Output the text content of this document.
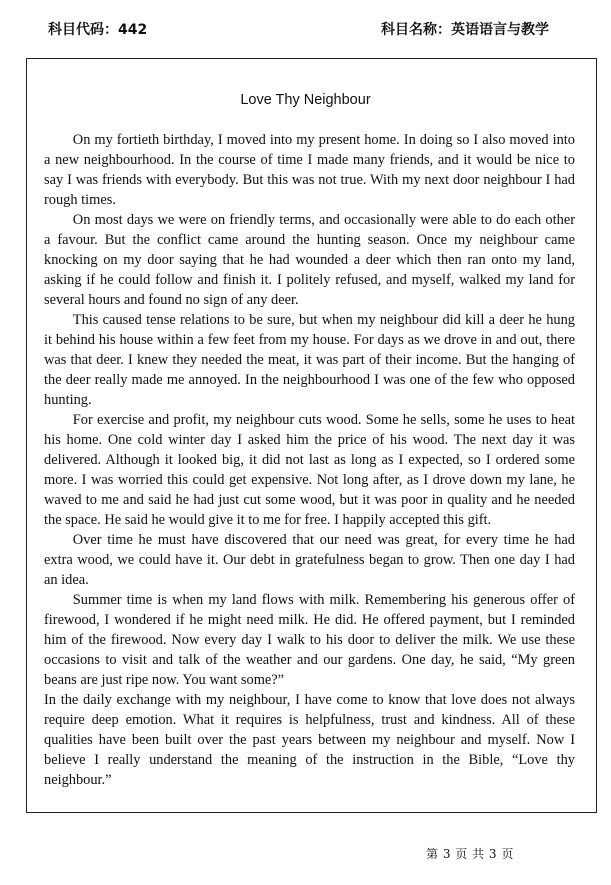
科目代码：442	科目名称：英语语言与教学
Love Thy Neighbour

On my fortieth birthday, I moved into my present home. In doing so I also moved into a new neighbourhood. In the course of time I made many friends, and it would be nice to say I was friends with everybody. But this was not true. With my next door neighbour I had rough times.

On most days we were on friendly terms, and occasionally were able to do each other a favour. But the conflict came around the hunting season. Once my neighbour came knocking on my door saying that he had wounded a deer which then ran onto my land, asking if he could follow and finish it. I politely refused, and myself, walked my land for several hours and found no sign of any deer.

This caused tense relations to be sure, but when my neighbour did kill a deer he hung it behind his house within a few feet from my house. For days as we drove in and out, there was that deer. I knew they needed the meat, it was part of their income. But the hanging of the deer really made me annoyed. In the neighbourhood I was one of the few who opposed hunting.

For exercise and profit, my neighbour cuts wood. Some he sells, some he uses to heat his home. One cold winter day I asked him the price of his wood. The next day it was delivered. Although it looked big, it did not last as long as I expected, so I ordered some more. I was worried this could get expensive. Not long after, as I drove down my lane, he waved to me and said he had just cut some wood, but it was poor in quality and he needed the space. He said he would give it to me for free. I happily accepted this gift.

Over time he must have discovered that our need was great, for every time he had extra wood, we could have it. Our debt in gratefulness began to grow. Then one day I had an idea.

Summer time is when my land flows with milk. Remembering his generous offer of firewood, I wondered if he might need milk. He did. He offered payment, but I reminded him of the firewood. Now every day I walk to his door to deliver the milk. We use these occasions to visit and talk of the weather and our gardens. One day, he said, “My green beans are just ripe now. You want some?”

In the daily exchange with my neighbour, I have come to know that love does not always require deep emotion. What it requires is helpfulness, trust and kindness. All of these qualities have been built over the past years between my neighbour and myself. Now I believe I really understand the meaning of the instruction in the Bible, “Love thy neighbour.”

第 3 页 共 3 页
